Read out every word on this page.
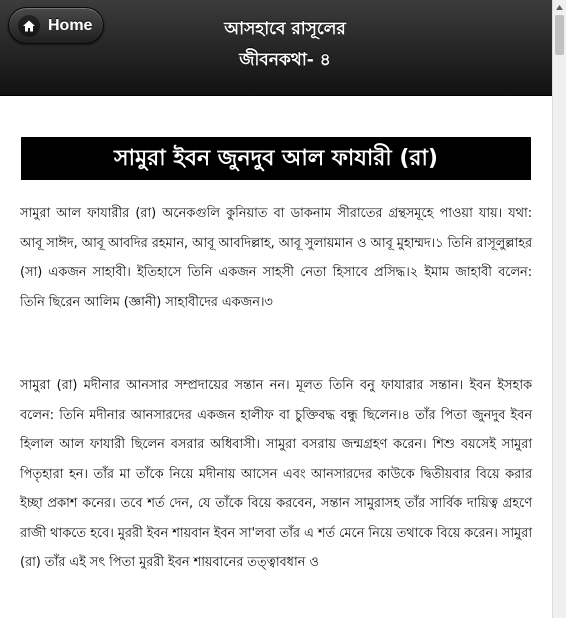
Home	আসহাবে রাসূলের
জীবনকথা- ৪
সামুরা ইবন জুনদুব আল ফাযারী (রা)

সামুরা আল ফাযারীর (রা) অনেকগুলি কুনিয়াত বা ডাকনাম সীরাতের গ্রন্থসমূহে পাওয়া যায়। যথা: আবূ সাঈদ, আবূ আবদির রহমান, আবূ আবদিল্লাহ, আবূ সুলায়মান ও আবূ মুহাম্মদ।১ তিনি রাসূলুল্লাহর (সা) একজন সাহাবী। ইতিহাসে তিনি একজন সাহসী নেতা হিসাবে প্রসিদ্ধ।২ ইমাম জাহাবী বলেন: তিনি ছিরেন আলিম (জ্ঞানী) সাহাবীদের একজন।৩

সামুরা (রা) মদীনার আনসার সম্প্রদায়ের সন্তান নন। মূলত তিনি বনু ফাযারার সন্তান। ইবন ইসহাক বলেন: তিনি মদীনার আনসারদের একজন হালীফ বা চুক্তিবদ্ধ বন্ধু ছিলেন।৪ তাঁর পিতা জুনদুব ইবন হিলাল আল ফাযারী ছিলেন বসরার অধিবাসী। সামুরা বসরায় জন্মগ্রহণ করেন। শিশু বয়সেই সামুরা পিতৃহারা হন। তাঁর মা তাঁকে নিয়ে মদীনায় আসেন এবং আনসারদের কাউকে দ্বিতীয়বার বিয়ে করার ইচ্ছা প্রকাশ কনের। তবে শর্ত দেন, যে তাঁকে বিয়ে করবেন, সন্তান সামুরাসহ তাঁর সার্বিক দায়িত্ব গ্রহণে রাজী থাকতে হবে। মুররী ইবন শায়বান ইবন সা'লবা তাঁর এ শর্ত মেনে নিয়ে তথাকে বিয়ে করেন। সামুরা (রা) তাঁর এই সৎ পিতা মুররী ইবন শায়বানের তত্ত্বাবধান ও
